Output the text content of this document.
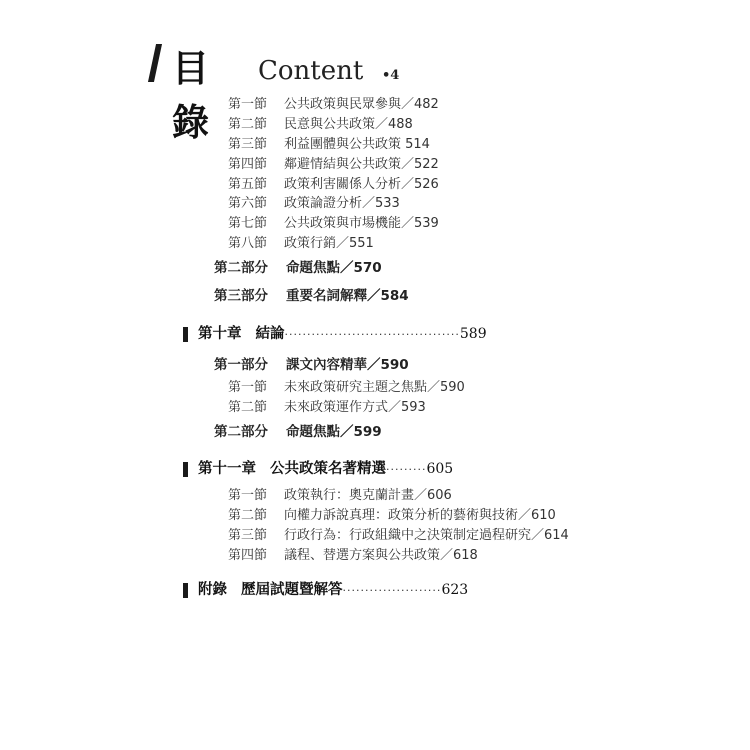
目錄
Content •4
第一節 公共政策與民眾參與／482
第二節 民意與公共政策／488
第三節 利益團體與公共政策 514
第四節 鄰避情結與公共政策／522
第五節 政策利害關係人分析／526
第六節 政策論證分析／533
第七節 公共政策與市場機能／539
第八節 政策行銷／551
第二部分 命題焦點／570
第三部分 重要名詞解釋／584
第十章 結論·······································589
第一部分 課文內容精華／590
第一節 未來政策研究主題之焦點／590
第二節 未來政策運作方式／593
第二部分 命題焦點／599
第十一章 公共政策名著精選·········605
第一節 政策執行：奧克蘭計畫／606
第二節 向權力訴說真理：政策分析的藝術與技術／610
第三節 行政行為：行政組織中之決策制定過程研究／614
第四節 議程、替選方案與公共政策／618
附錄 歷屆試題暨解答······················623
